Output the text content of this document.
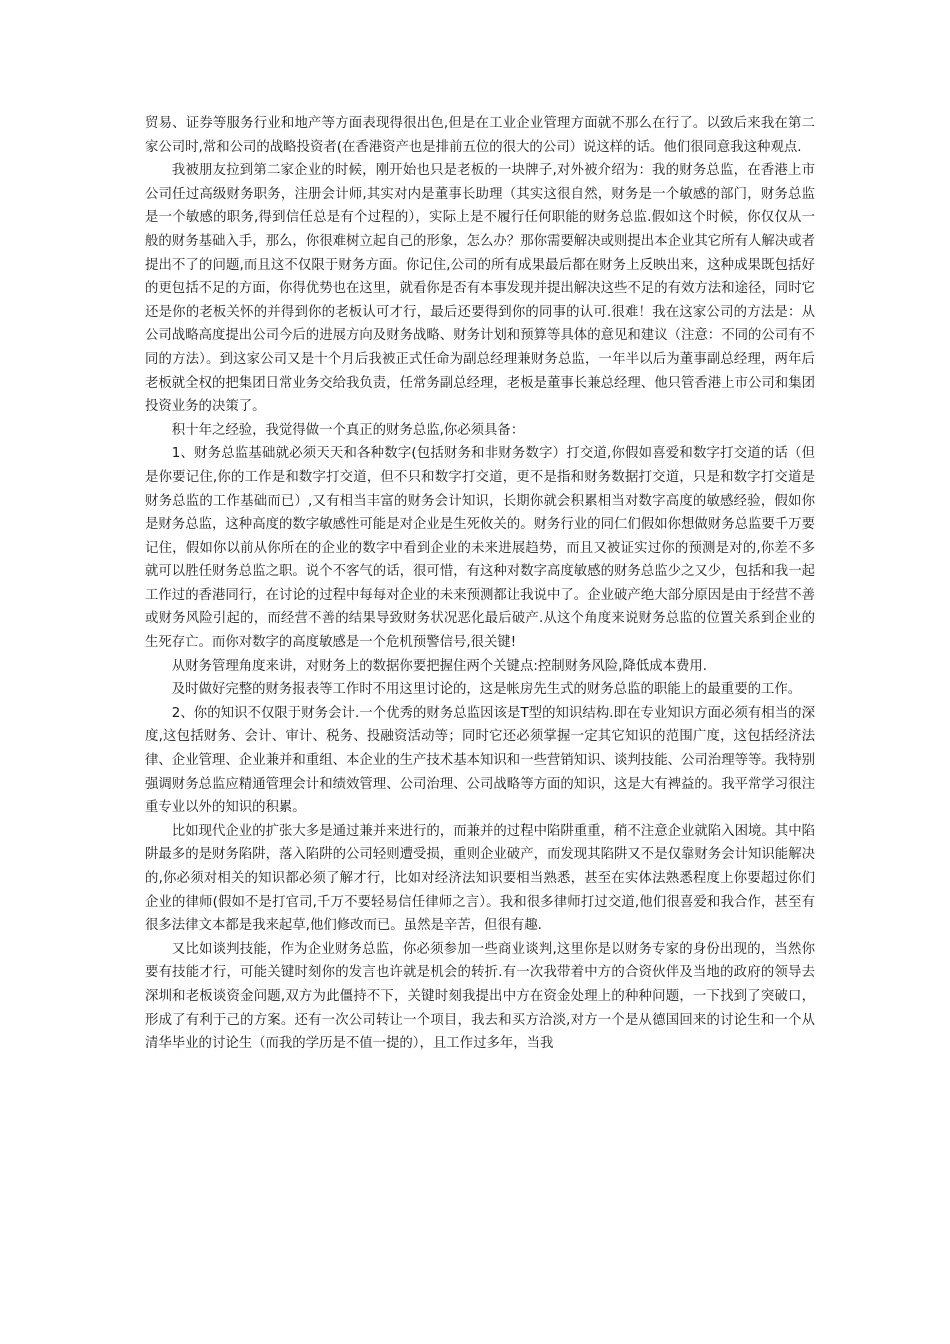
贸易、证券等服务行业和地产等方面表现得很出色,但是在工业企业管理方面就不那么在行了。以致后来我在第二家公司时,常和公司的战略投资者(在香港资产也是排前五位的很大的公司）说这样的话。他们很同意我这种观点.

我被朋友拉到第二家企业的时候，刚开始也只是老板的一块牌子,对外被介绍为：我的财务总监，在香港上市公司任过高级财务职务，注册会计师,其实对内是董事长助理（其实这很自然，财务是一个敏感的部门，财务总监是一个敏感的职务,得到信任总是有个过程的），实际上是不履行任何职能的财务总监.假如这个时候，你仅仅从一般的财务基础入手，那么，你很难树立起自己的形象，怎么办？那你需要解决或则提出本企业其它所有人解决或者提出不了的问题,而且这不仅限于财务方面。你记住,公司的所有成果最后都在财务上反映出来，这种成果既包括好的更包括不足的方面，你得优势也在这里，就看你是否有本事发现并提出解决这些不足的有效方法和途径，同时它还是你的老板关怀的并得到你的老板认可才行，最后还要得到你的同事的认可.很难！我在这家公司的方法是：从公司战略高度提出公司今后的进展方向及财务战略、财务计划和预算等具体的意见和建议（注意：不同的公司有不同的方法）。到这家公司又是十个月后我被正式任命为副总经理兼财务总监，一年半以后为董事副总经理，两年后老板就全权的把集团日常业务交给我负责，任常务副总经理，老板是董事长兼总经理、他只管香港上市公司和集团投资业务的决策了。

积十年之经验，我觉得做一个真正的财务总监,你必须具备：

1、财务总监基础就必须天天和各种数字(包括财务和非财务数字）打交道,你假如喜爱和数字打交道的话（但是你要记住,你的工作是和数字打交道，但不只和数字打交道，更不是指和财务数据打交道，只是和数字打交道是财务总监的工作基础而已）,又有相当丰富的财务会计知识，长期你就会积累相当对数字高度的敏感经验，假如你是财务总监，这种高度的数字敏感性可能是对企业是生死攸关的。财务行业的同仁们假如你想做财务总监要千万要记住，假如你以前从你所在的企业的数字中看到企业的未来进展趋势，而且又被证实过你的预测是对的,你差不多就可以胜任财务总监之职。说个不客气的话，很可惜，有这种对数字高度敏感的财务总监少之又少，包括和我一起工作过的香港同行，在讨论的过程中每每对企业的未来预测都让我说中了。企业破产绝大部分原因是由于经营不善或财务风险引起的，而经营不善的结果导致财务状况恶化最后破产.从这个角度来说财务总监的位置关系到企业的生死存亡。而你对数字的高度敏感是一个危机预警信号,很关键!

从财务管理角度来讲，对财务上的数据你要把握住两个关键点:控制财务风险,降低成本费用.

及时做好完整的财务报表等工作时不用这里讨论的，这是帐房先生式的财务总监的职能上的最重要的工作。

2、你的知识不仅限于财务会计.一个优秀的财务总监因该是T型的知识结构.即在专业知识方面必须有相当的深度,这包括财务、会计、审计、税务、投融资活动等；同时它还必须掌握一定其它知识的范围广度，这包括经济法律、企业管理、企业兼并和重组、本企业的生产技术基本知识和一些营销知识、谈判技能、公司治理等等。我特别强调财务总监应精通管理会计和绩效管理、公司治理、公司战略等方面的知识，这是大有裨益的。我平常学习很注重专业以外的知识的积累。

比如现代企业的扩张大多是通过兼并来进行的，而兼并的过程中陷阱重重，稍不注意企业就陷入困境。其中陷阱最多的是财务陷阱，落入陷阱的公司轻则遭受损，重则企业破产，而发现其陷阱又不是仅靠财务会计知识能解决的,你必须对相关的知识都必须了解才行，比如对经济法知识要相当熟悉，甚至在实体法熟悉程度上你要超过你们企业的律师(假如不是打官司,千万不要轻易信任律师之言）。我和很多律师打过交道,他们很喜爱和我合作，甚至有很多法律文本都是我来起草,他们修改而已。虽然是辛苦，但很有趣.

又比如谈判技能，作为企业财务总监，你必须参加一些商业谈判,这里你是以财务专家的身份出现的，当然你要有技能才行，可能关键时刻你的发言也许就是机会的转折.有一次我带着中方的合资伙伴及当地的政府的领导去深圳和老板谈资金问题,双方为此僵持不下，关键时刻我提出中方在资金处理上的种种问题，一下找到了突破口，形成了有利于己的方案。还有一次公司转让一个项目，我去和买方洽淡,对方一个是从德国回来的讨论生和一个从清华毕业的讨论生（而我的学历是不值一提的），且工作过多年，当我
